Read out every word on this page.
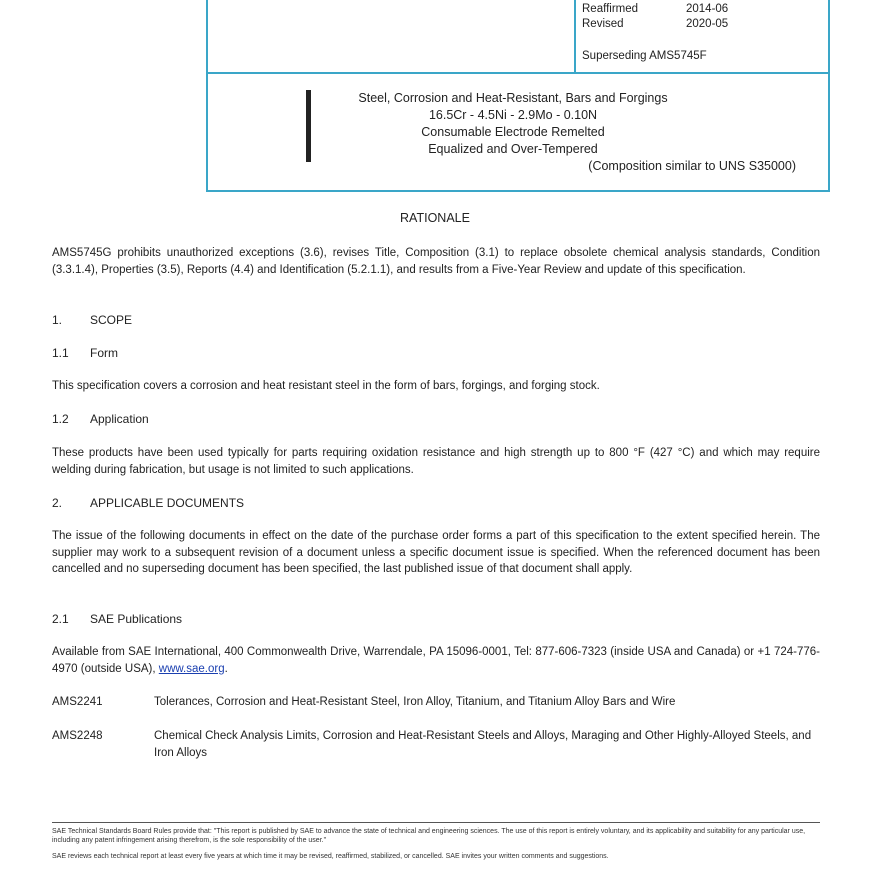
Reaffirmed	2014-06
Revised	2020-05
Superseding AMS5745F
Steel, Corrosion and Heat-Resistant, Bars and Forgings
16.5Cr - 4.5Ni - 2.9Mo - 0.10N
Consumable Electrode Remelted
Equalized and Over-Tempered
(Composition similar to UNS S35000)
RATIONALE
AMS5745G prohibits unauthorized exceptions (3.6), revises Title, Composition (3.1) to replace obsolete chemical analysis standards, Condition (3.3.1.4), Properties (3.5), Reports (4.4) and Identification (5.2.1.1), and results from a Five-Year Review and update of this specification.
1. SCOPE
1.1 Form
This specification covers a corrosion and heat resistant steel in the form of bars, forgings, and forging stock.
1.2 Application
These products have been used typically for parts requiring oxidation resistance and high strength up to 800 °F (427 °C) and which may require welding during fabrication, but usage is not limited to such applications.
2. APPLICABLE DOCUMENTS
The issue of the following documents in effect on the date of the purchase order forms a part of this specification to the extent specified herein. The supplier may work to a subsequent revision of a document unless a specific document issue is specified. When the referenced document has been cancelled and no superseding document has been specified, the last published issue of that document shall apply.
2.1 SAE Publications
Available from SAE International, 400 Commonwealth Drive, Warrendale, PA 15096-0001, Tel: 877-606-7323 (inside USA and Canada) or +1 724-776-4970 (outside USA), www.sae.org.
AMS2241	Tolerances, Corrosion and Heat-Resistant Steel, Iron Alloy, Titanium, and Titanium Alloy Bars and Wire
AMS2248	Chemical Check Analysis Limits, Corrosion and Heat-Resistant Steels and Alloys, Maraging and Other Highly-Alloyed Steels, and Iron Alloys
SAE Technical Standards Board Rules provide that: "This report is published by SAE to advance the state of technical and engineering sciences. The use of this report is entirely voluntary, and its applicability and suitability for any particular use, including any patent infringement arising therefrom, is the sole responsibility of the user."
SAE reviews each technical report at least every five years at which time it may be revised, reaffirmed, stabilized, or cancelled. SAE invites your written comments and suggestions.
